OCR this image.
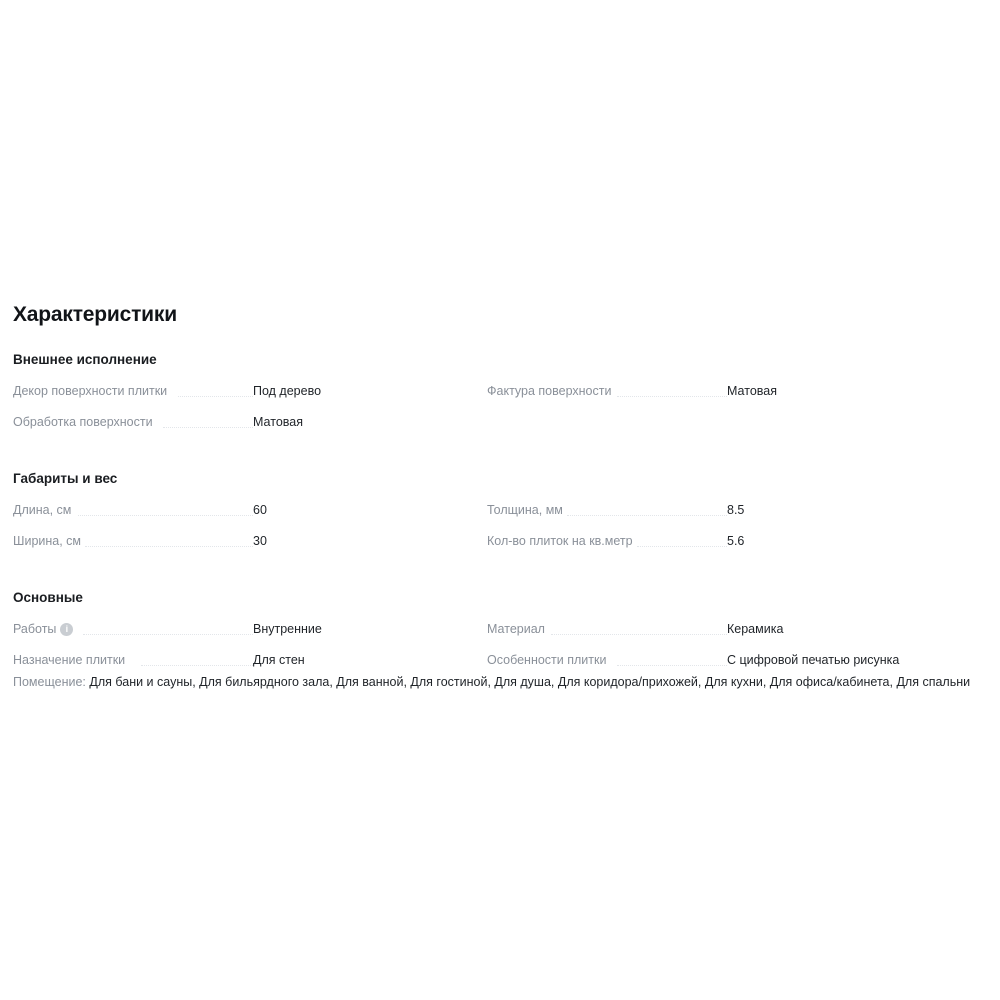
Характеристики
Внешнее исполнение
Декор поверхности плитки	Под дерево
Обработка поверхности	Матовая
Фактура поверхности	Матовая
Габариты и вес
Длина, см	60
Ширина, см	30
Толщина, мм	8.5
Кол-во плиток на кв.метр	5.6
Основные
Работы	i	Внутренние
Назначение плитки	Для стен
Материал	Керамика
Особенности плитки	С цифровой печатью рисунка
Помещение: Для бани и сауны, Для бильярдного зала, Для ванной, Для гостиной, Для душа, Для коридора/прихожей, Для кухни, Для офиса/кабинета, Для спальни
